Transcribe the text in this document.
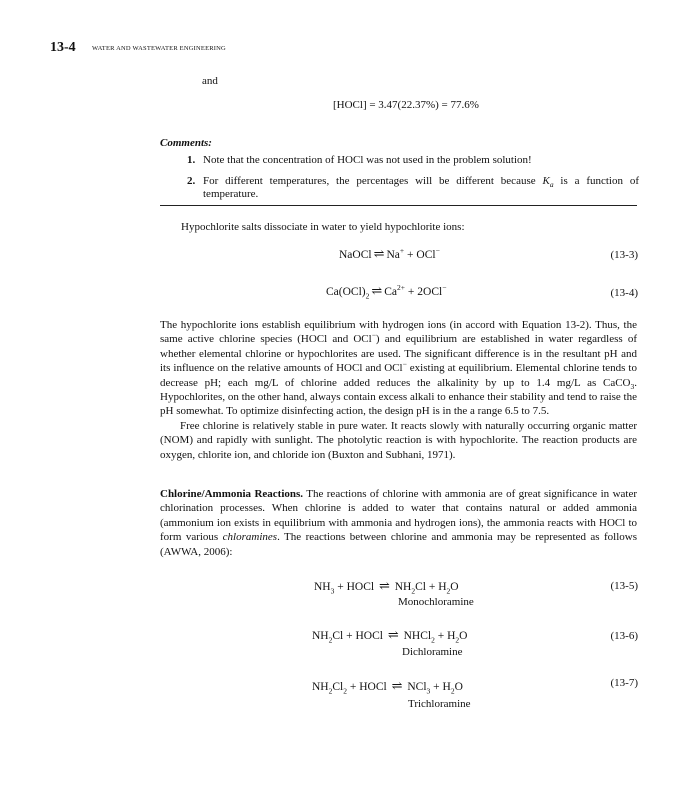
13-4	WATER AND WASTEWATER ENGINEERING
and
[HOCl] = 3.47(22.37%) = 77.6%
Comments:
1. Note that the concentration of HOCl was not used in the problem solution!
2. For different temperatures, the percentages will be different because $K_a$ is a function of temperature.
Hypochlorite salts dissociate in water to yield hypochlorite ions:
NaOCl ⇌ Na+ + OCl−	(13-3)
$Ca(OCl)_2$ ⇌ $Ca^{2+} + 2OCl^-$	(13-4)

The hypochlorite ions establish equilibrium with hydrogen ions (in accord with Equation 13-2). Thus, the same active chlorine species (HOCl and OCl−) and equilibrium are established in water regardless of whether elemental chlorine or hypochlorites are used. The significant difference is in the resultant pH and its influence on the relative amounts of HOCl and OCl− existing at equilibrium. Elemental chlorine tends to decrease pH; each mg/L of chlorine added reduces the alkalinity by up to 1.4 mg/L as CaCO$_3$. Hypochlorites, on the other hand, always contain excess alkali to enhance their stability and tend to raise the pH somewhat. To optimize disinfecting action, the design pH is in the a range 6.5 to 7.5.

Free chlorine is relatively stable in pure water. It reacts slowly with naturally occurring organic matter (NOM) and rapidly with sunlight. The photolytic reaction is with hypochlorite. The reaction products are oxygen, chlorite ion, and chloride ion (Buxton and Subhani, 1971).

Chlorine/Ammonia Reactions. The reactions of chlorine with ammonia are of great significance in water chlorination processes. When chlorine is added to water that contains natural or added ammonia (ammonium ion exists in equilibrium with ammonia and hydrogen ions), the ammonia reacts with HOCl to form various chloramines. The reactions between chlorine and ammonia may be represented as follows (AWWA, 2006):

$NH_3$ + HOCl ⇌ $NH_2Cl + H_2O$
Monochloramine
(13-5)
$NH_2Cl$ + HOCl ⇌ NHCl$_2$ + $H_2O$
Dichloramine
(13-6)
$NH_2Cl_2$ + HOCl ⇌ $NCl_3 + H_2O$
Trichloramine
(13-7)
